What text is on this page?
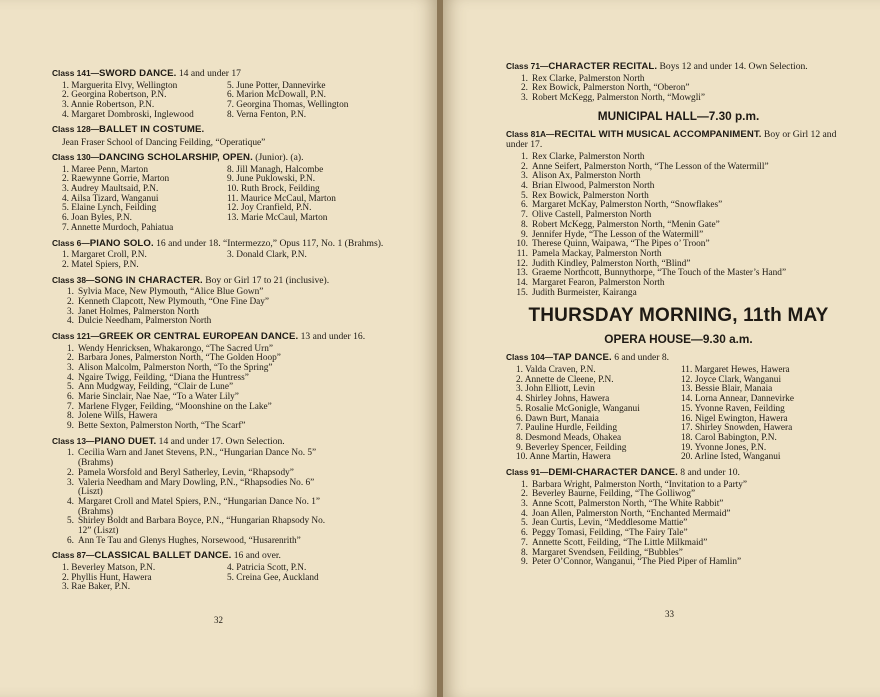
Class 141—SWORD DANCE. 14 and under 17

1. Marguerita Elvy, Wellington
2. Georgina Robertson, P.N.
3. Annie Robertson, P.N.
4. Margaret Dombroski, Inglewood
5. June Potter, Dannevirke
6. Marion McDowall, P.N.
7. Georgina Thomas, Wellington
8. Verna Fenton, P.N.

Class 128—BALLET IN COSTUME.

Jean Fraser School of Dancing Feilding, “Operatique”

Class 130—DANCING SCHOLARSHIP, OPEN. (Junior). (a).

1. Maree Penn, Marton
2. Raewynne Gorrie, Marton
3. Audrey Maultsaid, P.N.
4. Ailsa Tizard, Wanganui
5. Elaine Lynch, Feilding
6. Joan Byles, P.N.
7. Annette Murdoch, Pahiatua
8. Jill Managh, Halcombe
9. June Puklowski, P.N.
10. Ruth Brock, Feilding
11. Maurice McCaul, Marton
12. Joy Cranfield, P.N.
13. Marie McCaul, Marton

Class 6—PIANO SOLO. 16 and under 18. “Intermezzo,” Opus 117, No. 1 (Brahms).

1. Margaret Croll, P.N.
2. Matel Spiers, P.N.
3. Donald Clark, P.N.

Class 38—SONG IN CHARACTER. Boy or Girl 17 to 21 (inclusive).

1. Sylvia Mace, New Plymouth, “Alice Blue Gown”
2. Kenneth Clapcott, New Plymouth, “One Fine Day”
3. Janet Holmes, Palmerston North
4. Dulcie Needham, Palmerston North

Class 121—GREEK OR CENTRAL EUROPEAN DANCE. 13 and under 16.

1. Wendy Henricksen, Whakarongo, “The Sacred Urn”
2. Barbara Jones, Palmerston North, “The Golden Hoop”
3. Alison Malcolm, Palmerston North, “To the Spring”
4. Ngaire Twigg, Feilding, “Diana the Huntress”
5. Ann Mudgway, Feilding, “Clair de Lune”
6. Marie Sinclair, Nae Nae, “To a Water Lily”
7. Marlene Flyger, Feilding, “Moonshine on the Lake”
8. Jolene Wills, Hawera
9. Bette Sexton, Palmerston North, “The Scarf”

Class 13—PIANO DUET. 14 and under 17. Own Selection.

1. Cecilia Warn and Janet Stevens, P.N., “Hungarian Dance No. 5”
(Brahms)
2. Pamela Worsfold and Beryl Satherley, Levin, “Rhapsody”
3. Valeria Needham and Mary Dowling, P.N., “Rhapsodies No. 6”
(Liszt)
4. Margaret Croll and Matel Spiers, P.N., “Hungarian Dance No. 1”
(Brahms)
5. Shirley Boldt and Barbara Boyce, P.N., “Hungarian Rhapsody No.
12” (Liszt)
6. Ann Te Tau and Glenys Hughes, Norsewood, “Husarenrith”

Class 87—CLASSICAL BALLET DANCE. 16 and over.

1. Beverley Matson, P.N.
2. Phyllis Hunt, Hawera
3. Rae Baker, P.N.
4. Patricia Scott, P.N.
5. Creina Gee, Auckland
32

Class 71—CHARACTER RECITAL. Boys 12 and under 14. Own Selection.

1. Rex Clarke, Palmerston North
2. Rex Bowick, Palmerston North, “Oberon”
3. Robert McKegg, Palmerston North, “Mowgli”
MUNICIPAL HALL—7.30 p.m.

Class 81A—RECITAL WITH MUSICAL ACCOMPANIMENT. Boy or Girl 12 and under 17.

1. Rex Clarke, Palmerston North
2. Anne Seifert, Palmerston North, “The Lesson of the Watermill”
3. Alison Ax, Palmerston North
4. Brian Elwood, Palmerston North
5. Rex Bowick, Palmerston North
6. Margaret McKay, Palmerston North, “Snowflakes”
7. Olive Castell, Palmerston North
8. Robert McKegg, Palmerston North, “Menin Gate”
9. Jennifer Hyde, “The Lesson of the Watermill”
10. Therese Quinn, Waipawa, “The Pipes o’ Troon”
11. Pamela Mackay, Palmerston North
12. Judith Kindley, Palmerston North, “Blind”
13. Graeme Northcott, Bunnythorpe, “The Touch of the Master’s Hand”
14. Margaret Fearon, Palmerston North
15. Judith Burmeister, Kairanga
THURSDAY MORNING, 11th MAY
OPERA HOUSE—9.30 a.m.

Class 104—TAP DANCE. 6 and under 8.

1. Valda Craven, P.N.
2. Annette de Cleene, P.N.
3. John Elliott, Levin
4. Shirley Johns, Hawera
5. Rosalie McGonigle, Wanganui
6. Dawn Burt, Manaia
7. Pauline Hurdle, Feilding
8. Desmond Meads, Ohakea
9. Beverley Spencer, Feilding
10. Anne Martin, Hawera
11. Margaret Hewes, Hawera
12. Joyce Clark, Wanganui
13. Bessie Blair, Manaia
14. Lorna Annear, Dannevirke
15. Yvonne Raven, Feilding
16. Nigel Ewington, Hawera
17. Shirley Snowden, Hawera
18. Carol Babington, P.N.
19. Yvonne Jones, P.N.
20. Arline Isted, Wanganui

Class 91—DEMI-CHARACTER DANCE. 8 and under 10.

1. Barbara Wright, Palmerston North, “Invitation to a Party”
2. Beverley Baurne, Feilding, “The Golliwog”
3. Anne Scott, Palmerston North, “The White Rabbit”
4. Joan Allen, Palmerston North, “Enchanted Mermaid”
5. Jean Curtis, Levin, “Meddlesome Mattie”
6. Peggy Tomasi, Feilding, “The Fairy Tale”
7. Annette Scott, Feilding, “The Little Milkmaid”
8. Margaret Svendsen, Feilding, “Bubbles”
9. Peter O’Connor, Wanganui, “The Pied Piper of Hamlin”
33
